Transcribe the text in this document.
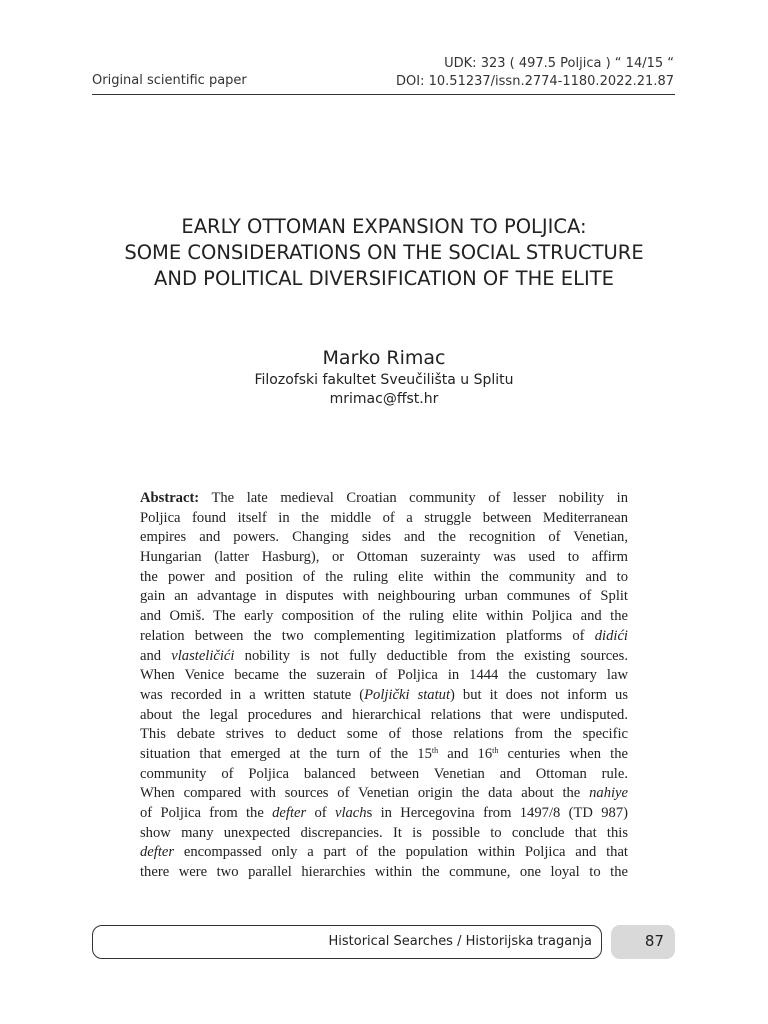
Original scientific paper
UDK: 323 ( 497.5 Poljica ) “ 14/15 “
DOI: 10.51237/issn.2774-1180.2022.21.87
EARLY OTTOMAN EXPANSION TO POLJICA:
SOME CONSIDERATIONS ON THE SOCIAL STRUCTURE
AND POLITICAL DIVERSIFICATION OF THE ELITE
Marko Rimac
Filozofski fakultet Sveučilišta u Splitu
mrimac@ffst.hr
Abstract: The late medieval Croatian community of lesser nobility in
Poljica found itself in the middle of a struggle between Mediterranean
empires and powers. Changing sides and the recognition of Venetian,
Hungarian (latter Hasburg), or Ottoman suzerainty was used to affirm
the power and position of the ruling elite within the community and to
gain an advantage in disputes with neighbouring urban communes of Split
and Omiš. The early composition of the ruling elite within Poljica and the
relation between the two complementing legitimization platforms of didići
and vlasteličići nobility is not fully deductible from the existing sources.
When Venice became the suzerain of Poljica in 1444 the customary law
was recorded in a written statute (Poljički statut) but it does not inform us
about the legal procedures and hierarchical relations that were undisputed.
This debate strives to deduct some of those relations from the specific
situation that emerged at the turn of the 15th and 16th centuries when the
community of Poljica balanced between Venetian and Ottoman rule.
When compared with sources of Venetian origin the data about the nahiye
of Poljica from the defter of vlachs in Hercegovina from 1497/8 (TD 987)
show many unexpected discrepancies. It is possible to conclude that this
defter encompassed only a part of the population within Poljica and that
there were two parallel hierarchies within the commune, one loyal to the
Historical Searches / Historijska traganja	87
